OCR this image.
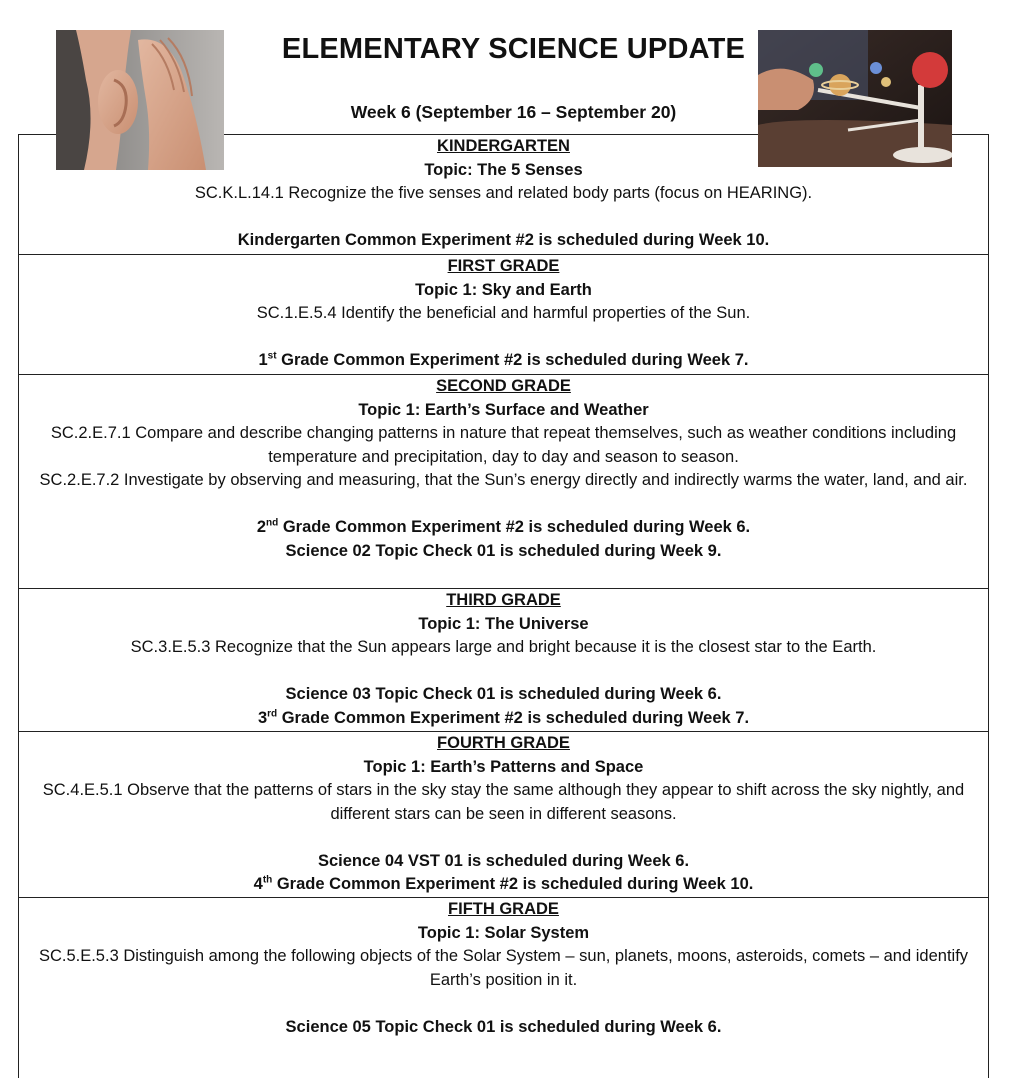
ELEMENTARY SCIENCE UPDATE
Week 6 (September 16 – September 20)
KINDERGARTEN
Topic: The 5 Senses
SC.K.L.14.1 Recognize the five senses and related body parts (focus on HEARING).
Kindergarten Common Experiment #2 is scheduled during Week 10.
FIRST GRADE
Topic 1: Sky and Earth
SC.1.E.5.4 Identify the beneficial and harmful properties of the Sun.
1st Grade Common Experiment #2 is scheduled during Week 7.
SECOND GRADE
Topic 1: Earth’s Surface and Weather
SC.2.E.7.1 Compare and describe changing patterns in nature that repeat themselves, such as weather conditions including temperature and precipitation, day to day and season to season.
SC.2.E.7.2 Investigate by observing and measuring, that the Sun’s energy directly and indirectly warms the water, land, and air.
2nd Grade Common Experiment #2 is scheduled during Week 6.
Science 02 Topic Check 01 is scheduled during Week 9.
THIRD GRADE
Topic 1: The Universe
SC.3.E.5.3 Recognize that the Sun appears large and bright because it is the closest star to the Earth.
Science 03 Topic Check 01 is scheduled during Week 6.
3rd Grade Common Experiment #2 is scheduled during Week 7.
FOURTH GRADE
Topic 1: Earth’s Patterns and Space
SC.4.E.5.1 Observe that the patterns of stars in the sky stay the same although they appear to shift across the sky nightly, and different stars can be seen in different seasons.
Science 04 VST 01 is scheduled during Week 6.
4th Grade Common Experiment #2 is scheduled during Week 10.
FIFTH GRADE
Topic 1: Solar System
SC.5.E.5.3 Distinguish among the following objects of the Solar System – sun, planets, moons, asteroids, comets – and identify Earth’s position in it.
Science 05 Topic Check 01 is scheduled during Week 6.
